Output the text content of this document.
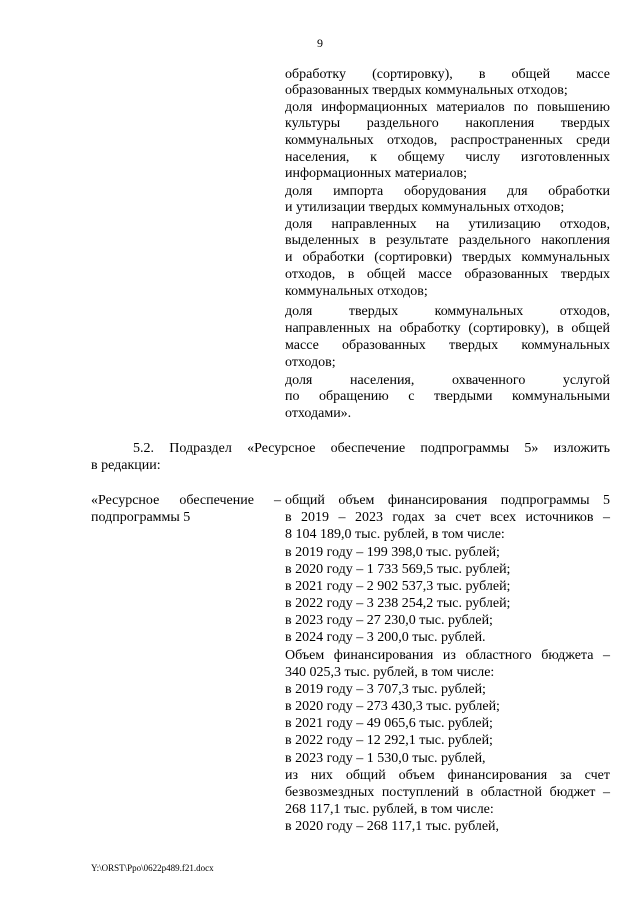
9
обработку (сортировку), в общей массе
образованных твердых коммунальных отходов;
доля информационных материалов по повышению
культуры раздельного накопления твердых
коммунальных отходов, распространенных среди
населения, к общему числу изготовленных
информационных материалов;
доля импорта оборудования для обработки
и утилизации твердых коммунальных отходов;
доля направленных на утилизацию отходов,
выделенных в результате раздельного накопления
и обработки (сортировки) твердых коммунальных
отходов, в общей массе образованных твердых
коммунальных отходов;
доля твердых коммунальных отходов,
направленных на обработку (сортировку), в общей
массе образованных твердых коммунальных
отходов;
доля населения, охваченного услугой
по обращению с твердыми коммунальными
отходами».
5.2. Подраздел «Ресурсное обеспечение подпрограммы 5» изложить
в редакции:
«Ресурсное обеспечение –
подпрограммы 5
общий объем финансирования подпрограммы 5
в 2019 – 2023 годах за счет всех источников –
8 104 189,0 тыс. рублей, в том числе:
в 2019 году – 199 398,0 тыс. рублей;
в 2020 году – 1 733 569,5 тыс. рублей;
в 2021 году – 2 902 537,3 тыс. рублей;
в 2022 году – 3 238 254,2 тыс. рублей;
в 2023 году – 27 230,0 тыс. рублей;
в 2024 году – 3 200,0 тыс. рублей.
Объем финансирования из областного бюджета –
340 025,3 тыс. рублей, в том числе:
в 2019 году – 3 707,3 тыс. рублей;
в 2020 году – 273 430,3 тыс. рублей;
в 2021 году – 49 065,6 тыс. рублей;
в 2022 году – 12 292,1 тыс. рублей;
в 2023 году – 1 530,0 тыс. рублей,
из них общий объем финансирования за счет
безвозмездных поступлений в областной бюджет –
268 117,1 тыс. рублей, в том числе:
в 2020 году – 268 117,1 тыс. рублей,
Y:\ORST\Ppo\0622p489.f21.docx
